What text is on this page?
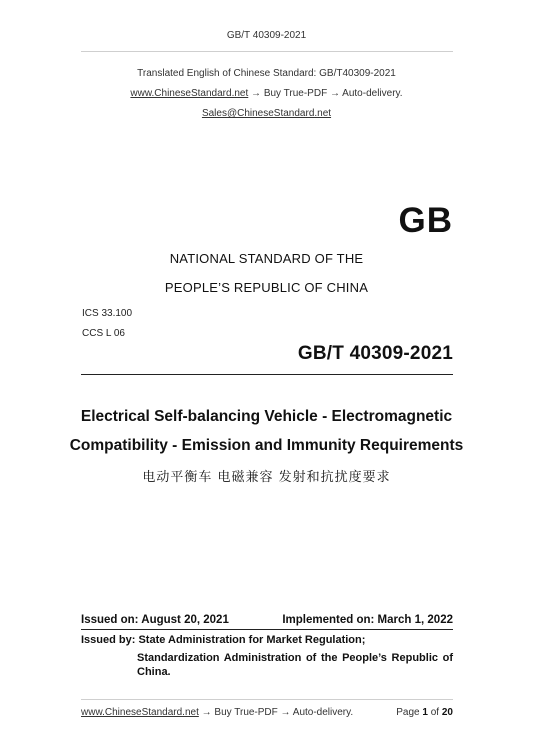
GB/T 40309-2021
Translated English of Chinese Standard: GB/T40309-2021
www.ChineseStandard.net → Buy True-PDF → Auto-delivery.
Sales@ChineseStandard.net
GB
NATIONAL STANDARD OF THE
PEOPLE’S REPUBLIC OF CHINA
ICS 33.100
CCS L 06
GB/T 40309-2021
Electrical Self-balancing Vehicle - Electromagnetic
Compatibility - Emission and Immunity Requirements
电动平衡车 电磁兼容 发射和抗扰度要求
Issued on: August 20, 2021	Implemented on: March 1, 2022
Issued by: State Administration for Market Regulation;
Standardization Administration of the People’s Republic of
China.
www.ChineseStandard.net → Buy True-PDF → Auto-delivery.	Page 1 of 20
